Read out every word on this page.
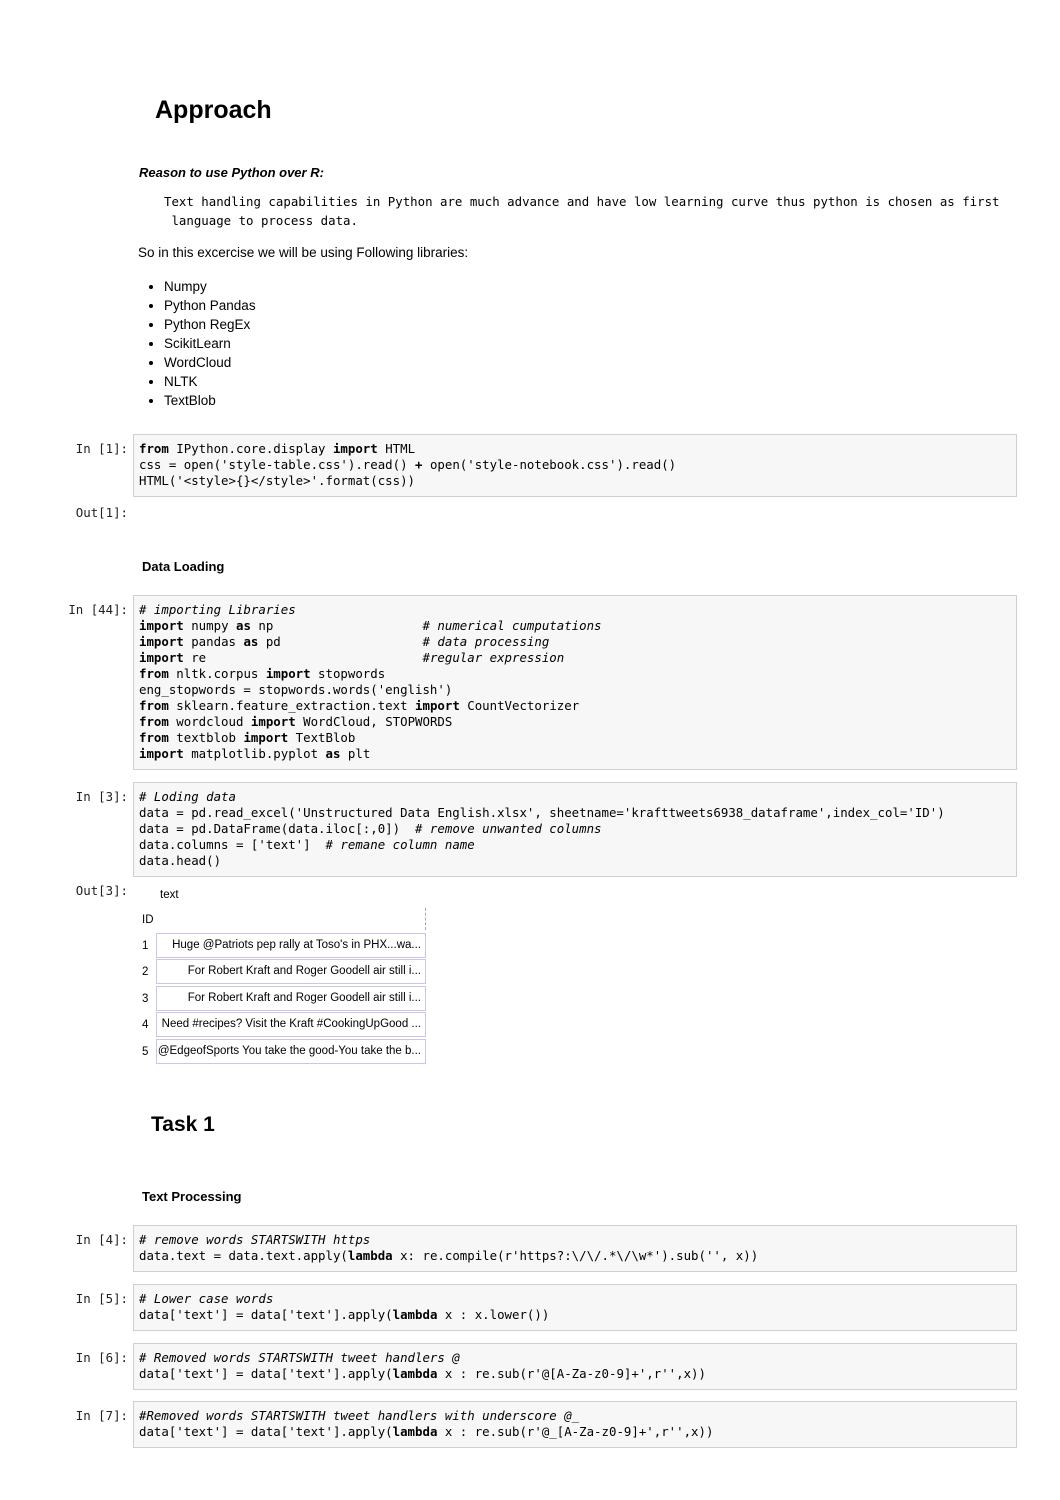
Approach
Reason to use Python over R:
Text handling capabilities in Python are much advance and have low learning curve thus python is chosen as first
language to process data.
So in this excercise we will be using Following libraries:
• Numpy
• Python Pandas
• Python RegEx
• ScikitLearn
• WordCloud
• NLTK
• TextBlob
In [1]: from IPython.core.display import HTML
css = open('style-table.css').read() + open('style-notebook.css').read()
HTML('<style>{}</style>'.format(css))
Out[1]:
Data Loading
In [44]: # importing Libraries
import numpy as np                    # numerical cumputations
import pandas as pd                   # data processing
import re                             #regular expression
from nltk.corpus import stopwords
eng_stopwords = stopwords.words('english')
from sklearn.feature_extraction.text import CountVectorizer
from wordcloud import WordCloud, STOPWORDS
from textblob import TextBlob
import matplotlib.pyplot as plt
In [3]: # Loding data
data = pd.read_excel('Unstructured Data English.xlsx', sheetname='krafttweets6938_dataframe',index_col='ID')
data = pd.DataFrame(data.iloc[:,0])  # remove unwanted columns
data.columns = ['text']  # remane column name
data.head()
Out[3]:	text
ID
1	Huge @Patriots pep rally at Toso's in PHX...wa...
2	For Robert Kraft and Roger Goodell air still i...
3	For Robert Kraft and Roger Goodell air still i...
4	Need #recipes? Visit the Kraft #CookingUpGood ...
5 @EdgeofSports You take the good-You take the b...
Task 1
Text Processing
In [4]: # remove words STARTSWITH https
data.text = data.text.apply(lambda x: re.compile(r'https?:\/\/.*\/\w*').sub('', x))
In [5]: # Lower case words
data['text'] = data['text'].apply(lambda x : x.lower())
In [6]: # Removed words STARTSWITH tweet handlers @
data['text'] = data['text'].apply(lambda x : re.sub(r'@[A-Za-z0-9]+',r'',x))
In [7]: #Removed words STARTSWITH tweet handlers with underscore @_
data['text'] = data['text'].apply(lambda x : re.sub(r'@_[A-Za-z0-9]+',r'',x))
